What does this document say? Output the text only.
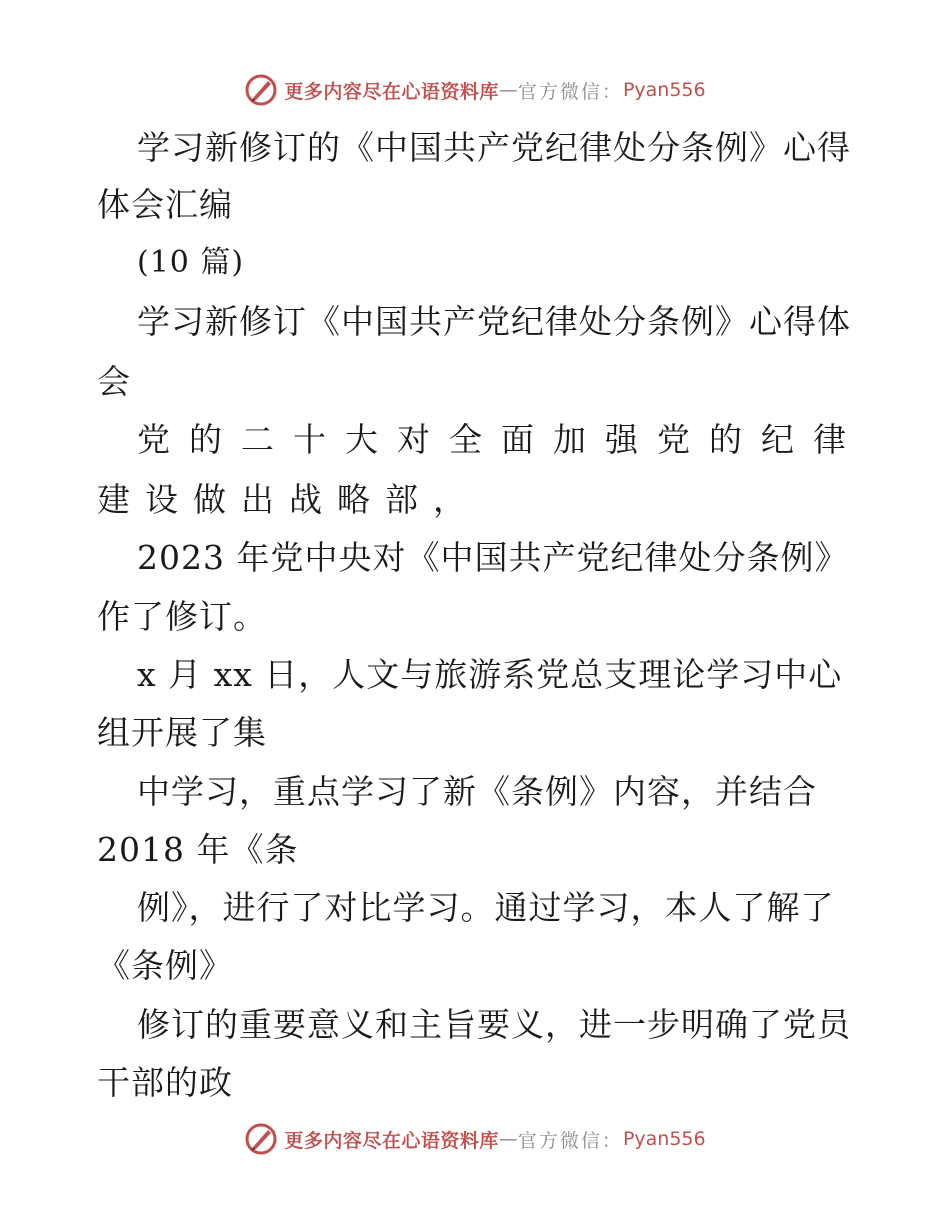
更多内容尽在心语资料库 — 官方微信： Pyan556
学习新修订的《中国共产党纪律处分条例》心得
体会汇编
(10 篇)
学习新修订《中国共产党纪律处分条例》心得体
会
党的二十大对全面加强党的纪律
建设做出战略部，
2023 年党中央对《中国共产党纪律处分条例》
作了修订。
x 月 xx 日，人文与旅游系党总支理论学习中心
组开展了集
中学习，重点学习了新《条例》内容，并结合
2018 年《条
例》，进行了对比学习。通过学习，本人了解了
《条例》
修订的重要意义和主旨要义，进一步明确了党员
干部的政
更多内容尽在心语资料库 — 官方微信： Pyan556
